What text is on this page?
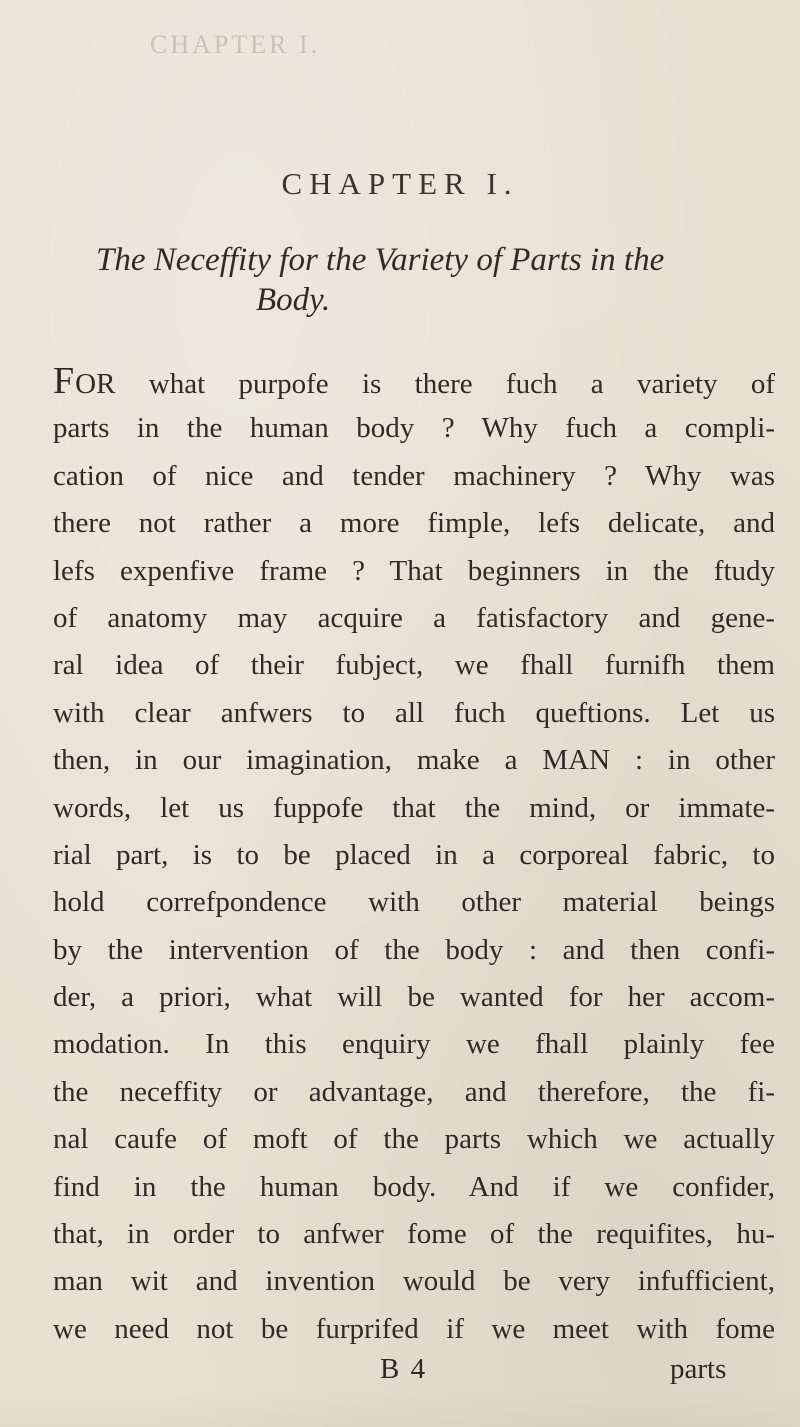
CHAPTER I.
CHAPTER I.
The Neceffity for the Variety of Parts in the
Body.
FOR what purpofe is there fuch a variety of
parts in the human body ? Why fuch a compli-
cation of nice and tender machinery ? Why was
there not rather a more fimple, lefs delicate, and
lefs expenfive frame ? That beginners in the ftudy
of anatomy may acquire a fatisfactory and gene-
ral idea of their fubject, we fhall furnifh them
with clear anfwers to all fuch queftions. Let us
then, in our imagination, make a MAN : in other
words, let us fuppofe that the mind, or immate-
rial part, is to be placed in a corporeal fabric, to
hold correfpondence with other material beings
by the intervention of the body : and then confi-
der, a priori, what will be wanted for her accom-
modation. In this enquiry we fhall plainly fee
the neceffity or advantage, and therefore, the fi-
nal caufe of moft of the parts which we actually
find in the human body. And if we confider,
that, in order to anfwer fome of the requifites, hu-
man wit and invention would be very infufficient,
we need not be furprifed if we meet with fome
B 4	parts
